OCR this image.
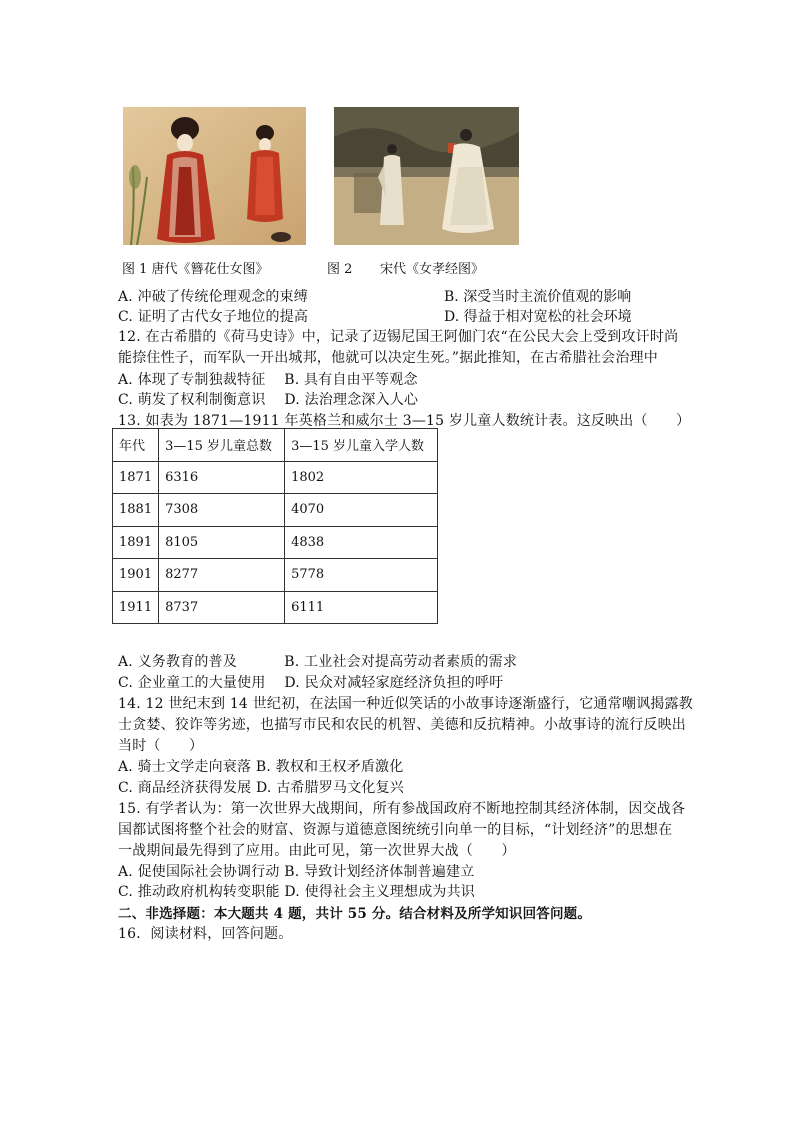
图 1 唐代《簪花仕女图》	图 2 宋代《女孝经图》
A. 冲破了传统伦理观念的束缚	B. 深受当时主流价值观的影响
C. 证明了古代女子地位的提高	D. 得益于相对宽松的社会环境
12. 在古希腊的《荷马史诗》中，记录了迈锡尼国王阿伽门农“在公民大会上受到攻讦时尚
能捺住性子，而军队一开出城邦，他就可以决定生死。”据此推知，在古希腊社会治理中
A. 体现了专制独裁特征　 B. 具有自由平等观念
C. 萌发了权利制衡意识　 D. 法治理念深入人心
13. 如表为 1871—1911 年英格兰和威尔士 3—15 岁儿童人数统计表。这反映出（　　）
年代	3—15 岁儿童总数	3—15 岁儿童入学人数
1871	6316	1802
1881	7308	4070
1891	8105	4838
1901	8277	5778
1911	8737	6111
A. 义务教育的普及　　　 B. 工业社会对提高劳动者素质的需求
C. 企业童工的大量使用　 D. 民众对减轻家庭经济负担的呼吁
14. 12 世纪末到 14 世纪初，在法国一种近似笑话的小故事诗逐渐盛行，它通常嘲讽揭露教
士贪婪、狡诈等劣迹，也描写市民和农民的机智、美德和反抗精神。小故事诗的流行反映出
当时（　　）
A. 骑士文学走向衰落 B. 教权和王权矛盾激化
C. 商品经济获得发展 D. 古希腊罗马文化复兴
15. 有学者认为：第一次世界大战期间，所有参战国政府不断地控制其经济体制，因交战各
国都试图将整个社会的财富、资源与道德意图统统引向单一的目标，“计划经济”的思想在
一战期间最先得到了应用。由此可见，第一次世界大战（　　）
A. 促使国际社会协调行动 B. 导致计划经济体制普遍建立
C. 推动政府机构转变职能 D. 使得社会主义理想成为共识
二、非选择题：本大题共 4 题，共计 55 分。结合材料及所学知识回答问题。
16．阅读材料，回答问题。
